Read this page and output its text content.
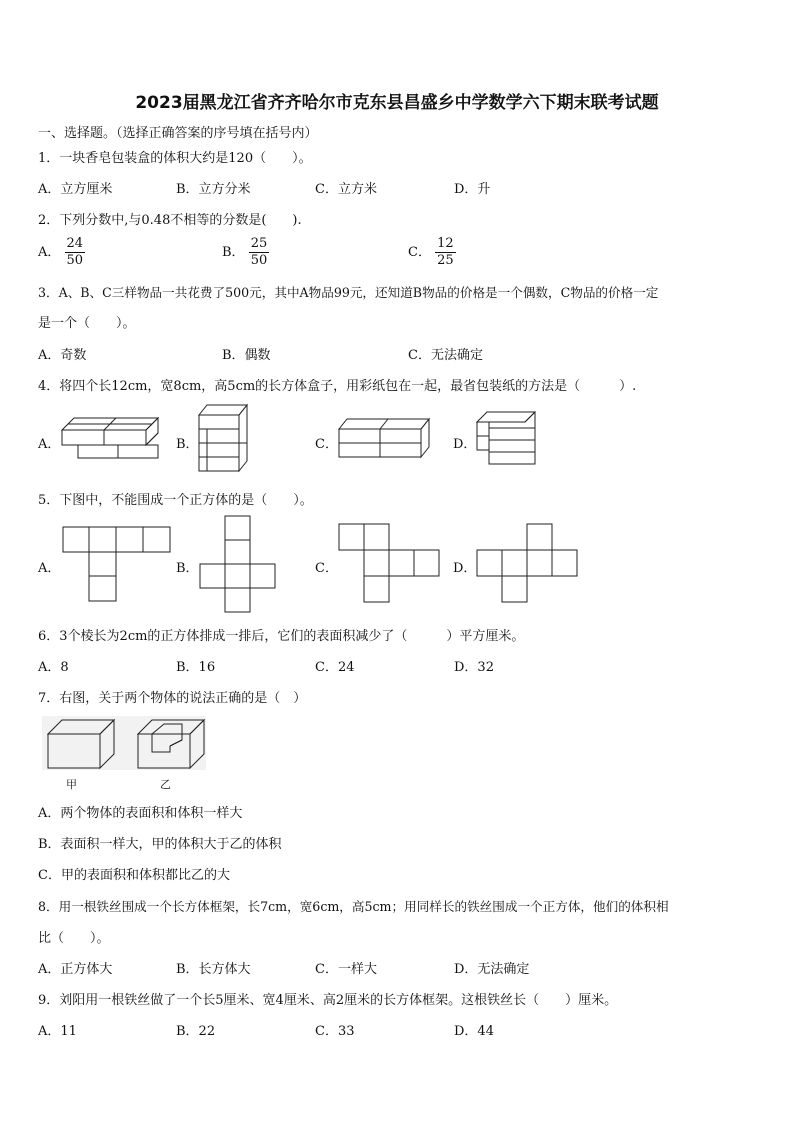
2023届黑龙江省齐齐哈尔市克东县昌盛乡中学数学六下期末联考试题
一、选择题。（选择正确答案的序号填在括号内）
1．一块香皂包装盒的体积大约是120（　　）。
A．立方厘米	B．立方分米	C．立方米	D．升
2．下列分数中,与0.48不相等的分数是(　　).
A． $\frac{24}{50}$	B． $\frac{25}{50}$	C． $\frac{12}{25}$
3．A、B、C三样物品一共花费了500元，其中A物品99元，还知道B物品的价格是一个偶数，C物品的价格一定
是一个（　　）。
A．奇数	B．偶数	C．无法确定
4．将四个长12cm，宽8cm，高5cm的长方体盒子，用彩纸包在一起，最省包装纸的方法是（　　　）.
A．	B．	C．	D．
5．下图中，不能围成一个正方体的是（　　）。
A．	B．	C．	D．
6．3个棱长为2cm的正方体排成一排后，它们的表面积减少了（　　　）平方厘米。
A．8	B．16	C．24	D．32
7．右图，关于两个物体的说法正确的是（　）
甲	乙
A．两个物体的表面积和体积一样大
B．表面积一样大，甲的体积大于乙的体积
C．甲的表面积和体积都比乙的大
8．用一根铁丝围成一个长方体框架，长7cm，宽6cm，高5cm；用同样长的铁丝围成一个正方体，他们的体积相
比（　　）。
A．正方体大	B．长方体大	C．一样大	D．无法确定
9．刘阳用一根铁丝做了一个长5厘米、宽4厘米、高2厘米的长方体框架。这根铁丝长（　　）厘米。
A．11	B．22	C．33	D．44
